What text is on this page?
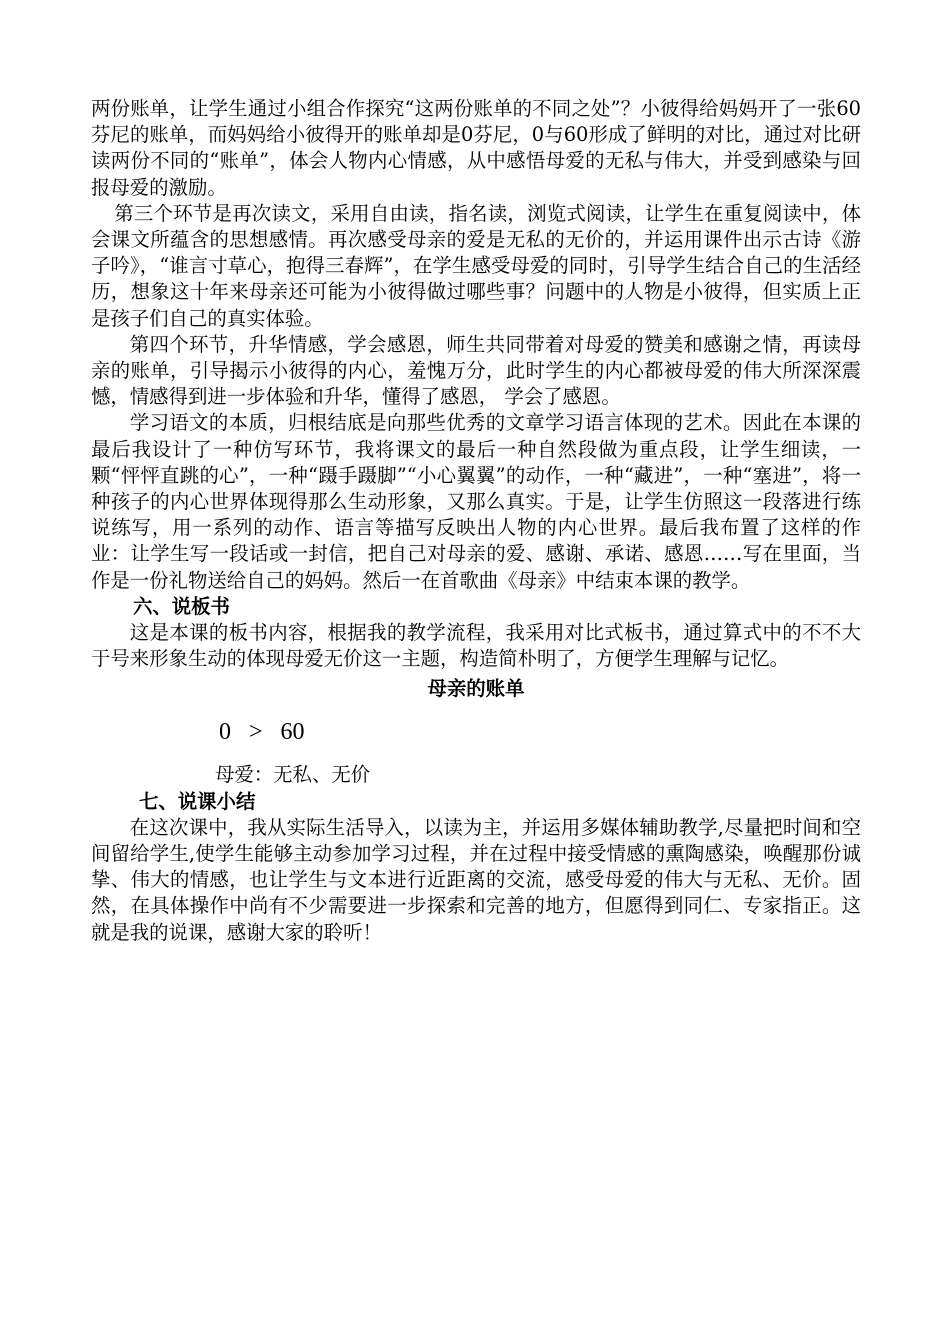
两份账单，让学生通过小组合作探究“这两份账单的不同之处”？小彼得给妈妈开了一张60芬尼的账单，而妈妈给小彼得开的账单却是0芬尼，0与60形成了鲜明的对比，通过对比研读两份不同的“账单”，体会人物内心情感，从中感悟母爱的无私与伟大，并受到感染与回报母爱的激励。

第三个环节是再次读文，采用自由读，指名读，浏览式阅读，让学生在重复阅读中，体会课文所蕴含的思想感情。再次感受母亲的爱是无私的无价的，并运用课件出示古诗《游子吟》，“谁言寸草心，抱得三春辉”，在学生感受母爱的同时，引导学生结合自己的生活经历，想象这十年来母亲还可能为小彼得做过哪些事？问题中的人物是小彼得，但实质上正是孩子们自己的真实体验。

第四个环节，升华情感，学会感恩，师生共同带着对母爱的赞美和感谢之情，再读母亲的账单，引导揭示小彼得的内心，羞愧万分，此时学生的内心都被母爱的伟大所深深震憾，情感得到进一步体验和升华，懂得了感恩， 学会了感恩。

学习语文的本质，归根结底是向那些优秀的文章学习语言体现的艺术。因此在本课的最后我设计了一种仿写环节，我将课文的最后一种自然段做为重点段，让学生细读，一颗“怦怦直跳的心”，一种“蹑手蹑脚”“小心翼翼”的动作，一种“藏进”，一种“塞进”，将一种孩子的内心世界体现得那么生动形象，又那么真实。于是，让学生仿照这一段落进行练说练写，用一系列的动作、语言等描写反映出人物的内心世界。最后我布置了这样的作业：让学生写一段话或一封信，把自己对母亲的爱、感谢、承诺、感恩……写在里面，当作是一份礼物送给自己的妈妈。然后一在首歌曲《母亲》中结束本课的教学。

六、说板书

这是本课的板书内容，根据我的教学流程，我采用对比式板书，通过算式中的不不大于号来形象生动的体现母爱无价这一主题，构造简朴明了，方便学生理解与记忆。

母亲的账单
0 > 60
母爱：无私、无价
七、说课小结

在这次课中，我从实际生活导入，以读为主，并运用多媒体辅助教学,尽量把时间和空间留给学生,使学生能够主动参加学习过程，并在过程中接受情感的熏陶感染，唤醒那份诚挚、伟大的情感，也让学生与文本进行近距离的交流，感受母爱的伟大与无私、无价。固然，在具体操作中尚有不少需要进一步探索和完善的地方，但愿得到同仁、专家指正。这就是我的说课，感谢大家的聆听！
